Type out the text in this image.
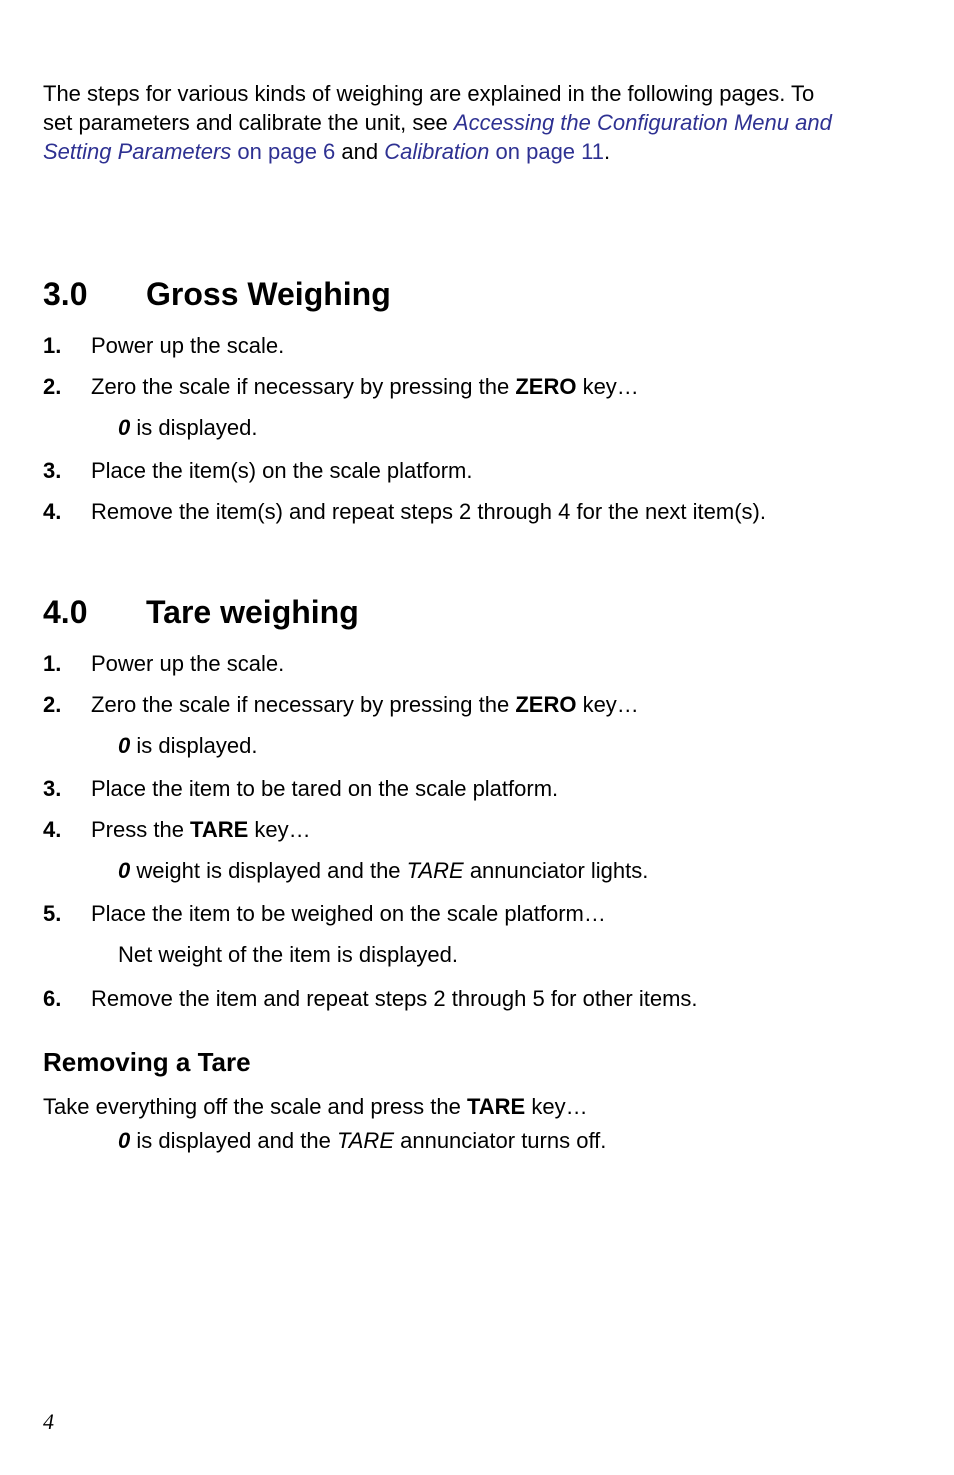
The steps for various kinds of weighing are explained in the following pages. To set parameters and calibrate the unit, see Accessing the Configuration Menu and Setting Parameters on page 6 and Calibration on page 11.
3.0 Gross Weighing
1. Power up the scale.
2. Zero the scale if necessary by pressing the ZERO key…
0 is displayed.
3. Place the item(s) on the scale platform.
4. Remove the item(s) and repeat steps 2 through 4 for the next item(s).
4.0 Tare weighing
1. Power up the scale.
2. Zero the scale if necessary by pressing the ZERO key…
0 is displayed.
3. Place the item to be tared on the scale platform.
4. Press the TARE key…
0 weight is displayed and the TARE annunciator lights.
5. Place the item to be weighed on the scale platform…
Net weight of the item is displayed.
6. Remove the item and repeat steps 2 through 5 for other items.
Removing a Tare
Take everything off the scale and press the TARE key…
0 is displayed and the TARE annunciator turns off.
4
